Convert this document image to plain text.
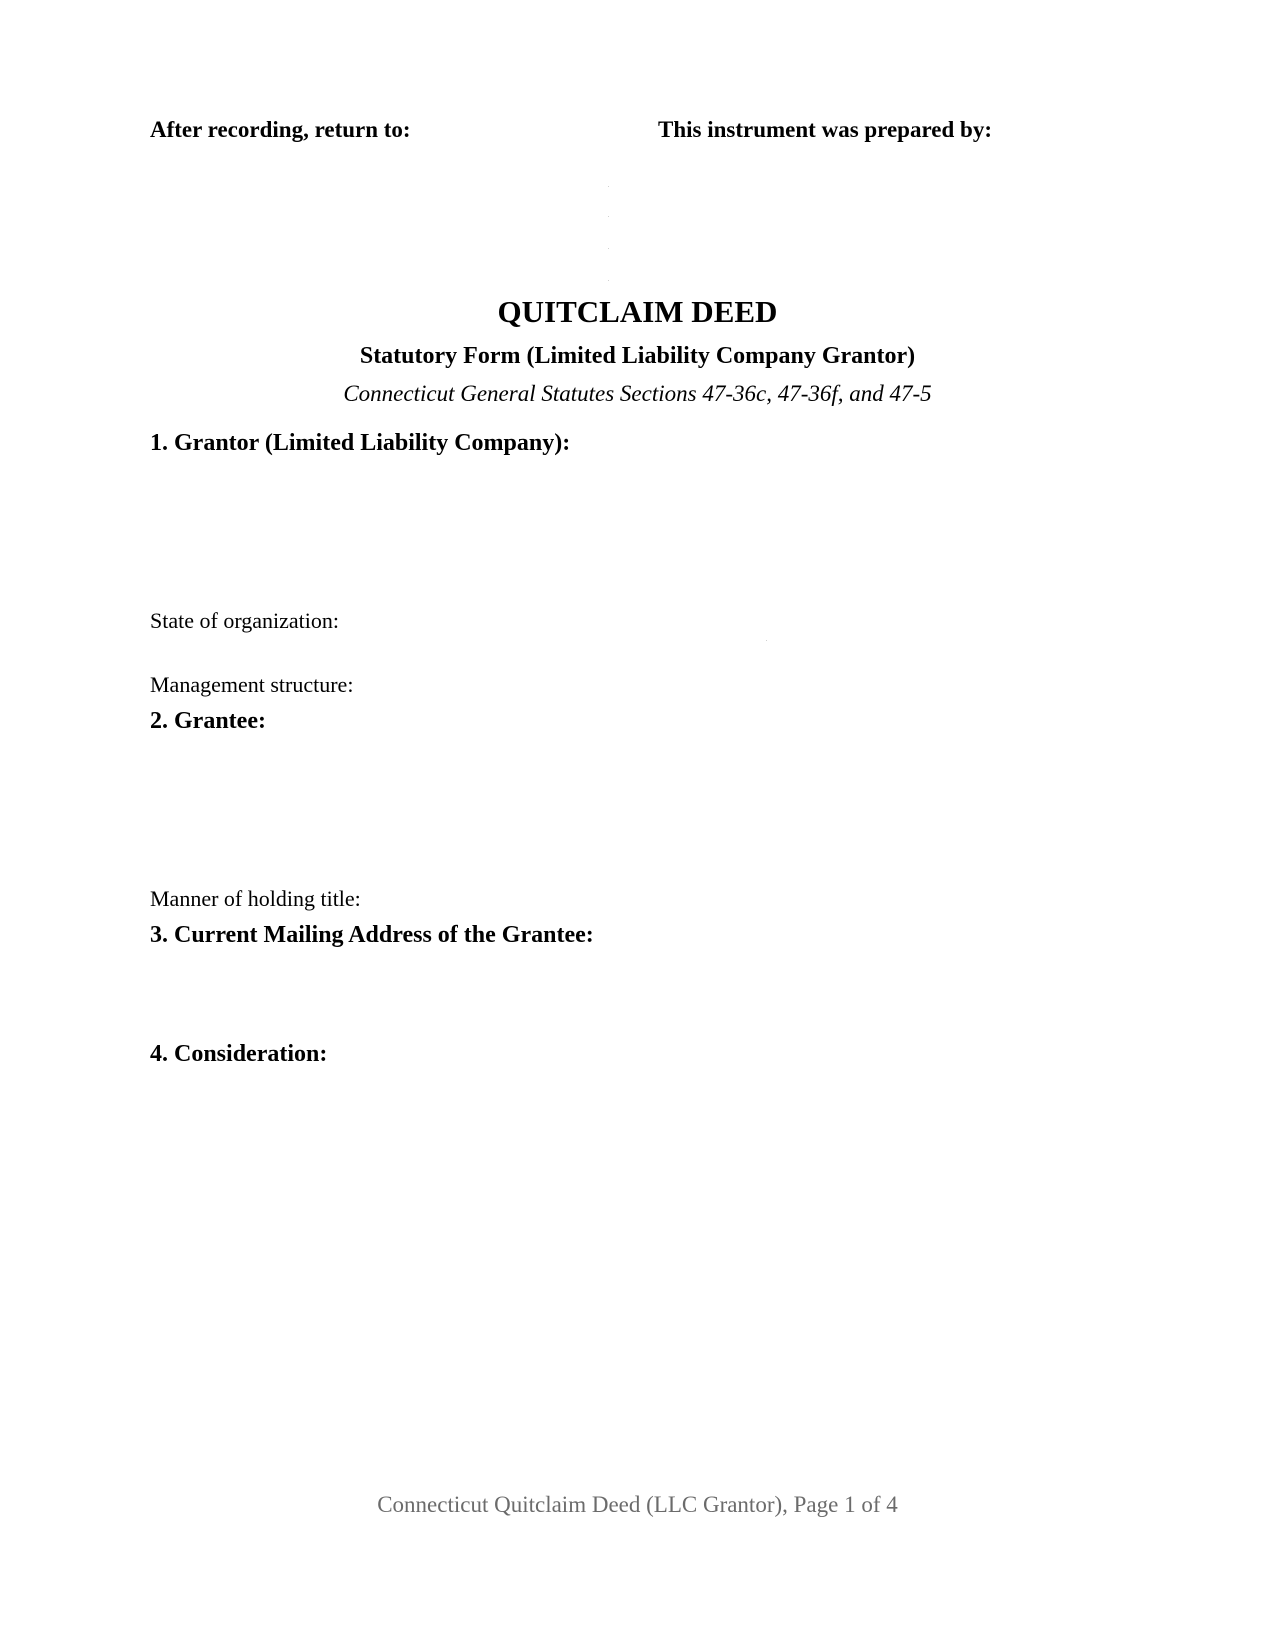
After recording, return to:	This instrument was prepared by:
QUITCLAIM DEED
Statutory Form (Limited Liability Company Grantor)
Connecticut General Statutes Sections 47-36c, 47-36f, and 47-5
1. Grantor (Limited Liability Company):
State of organization:
Management structure:
2. Grantee:
Manner of holding title:
3. Current Mailing Address of the Grantee:
4. Consideration:
Connecticut Quitclaim Deed (LLC Grantor), Page 1 of 4
